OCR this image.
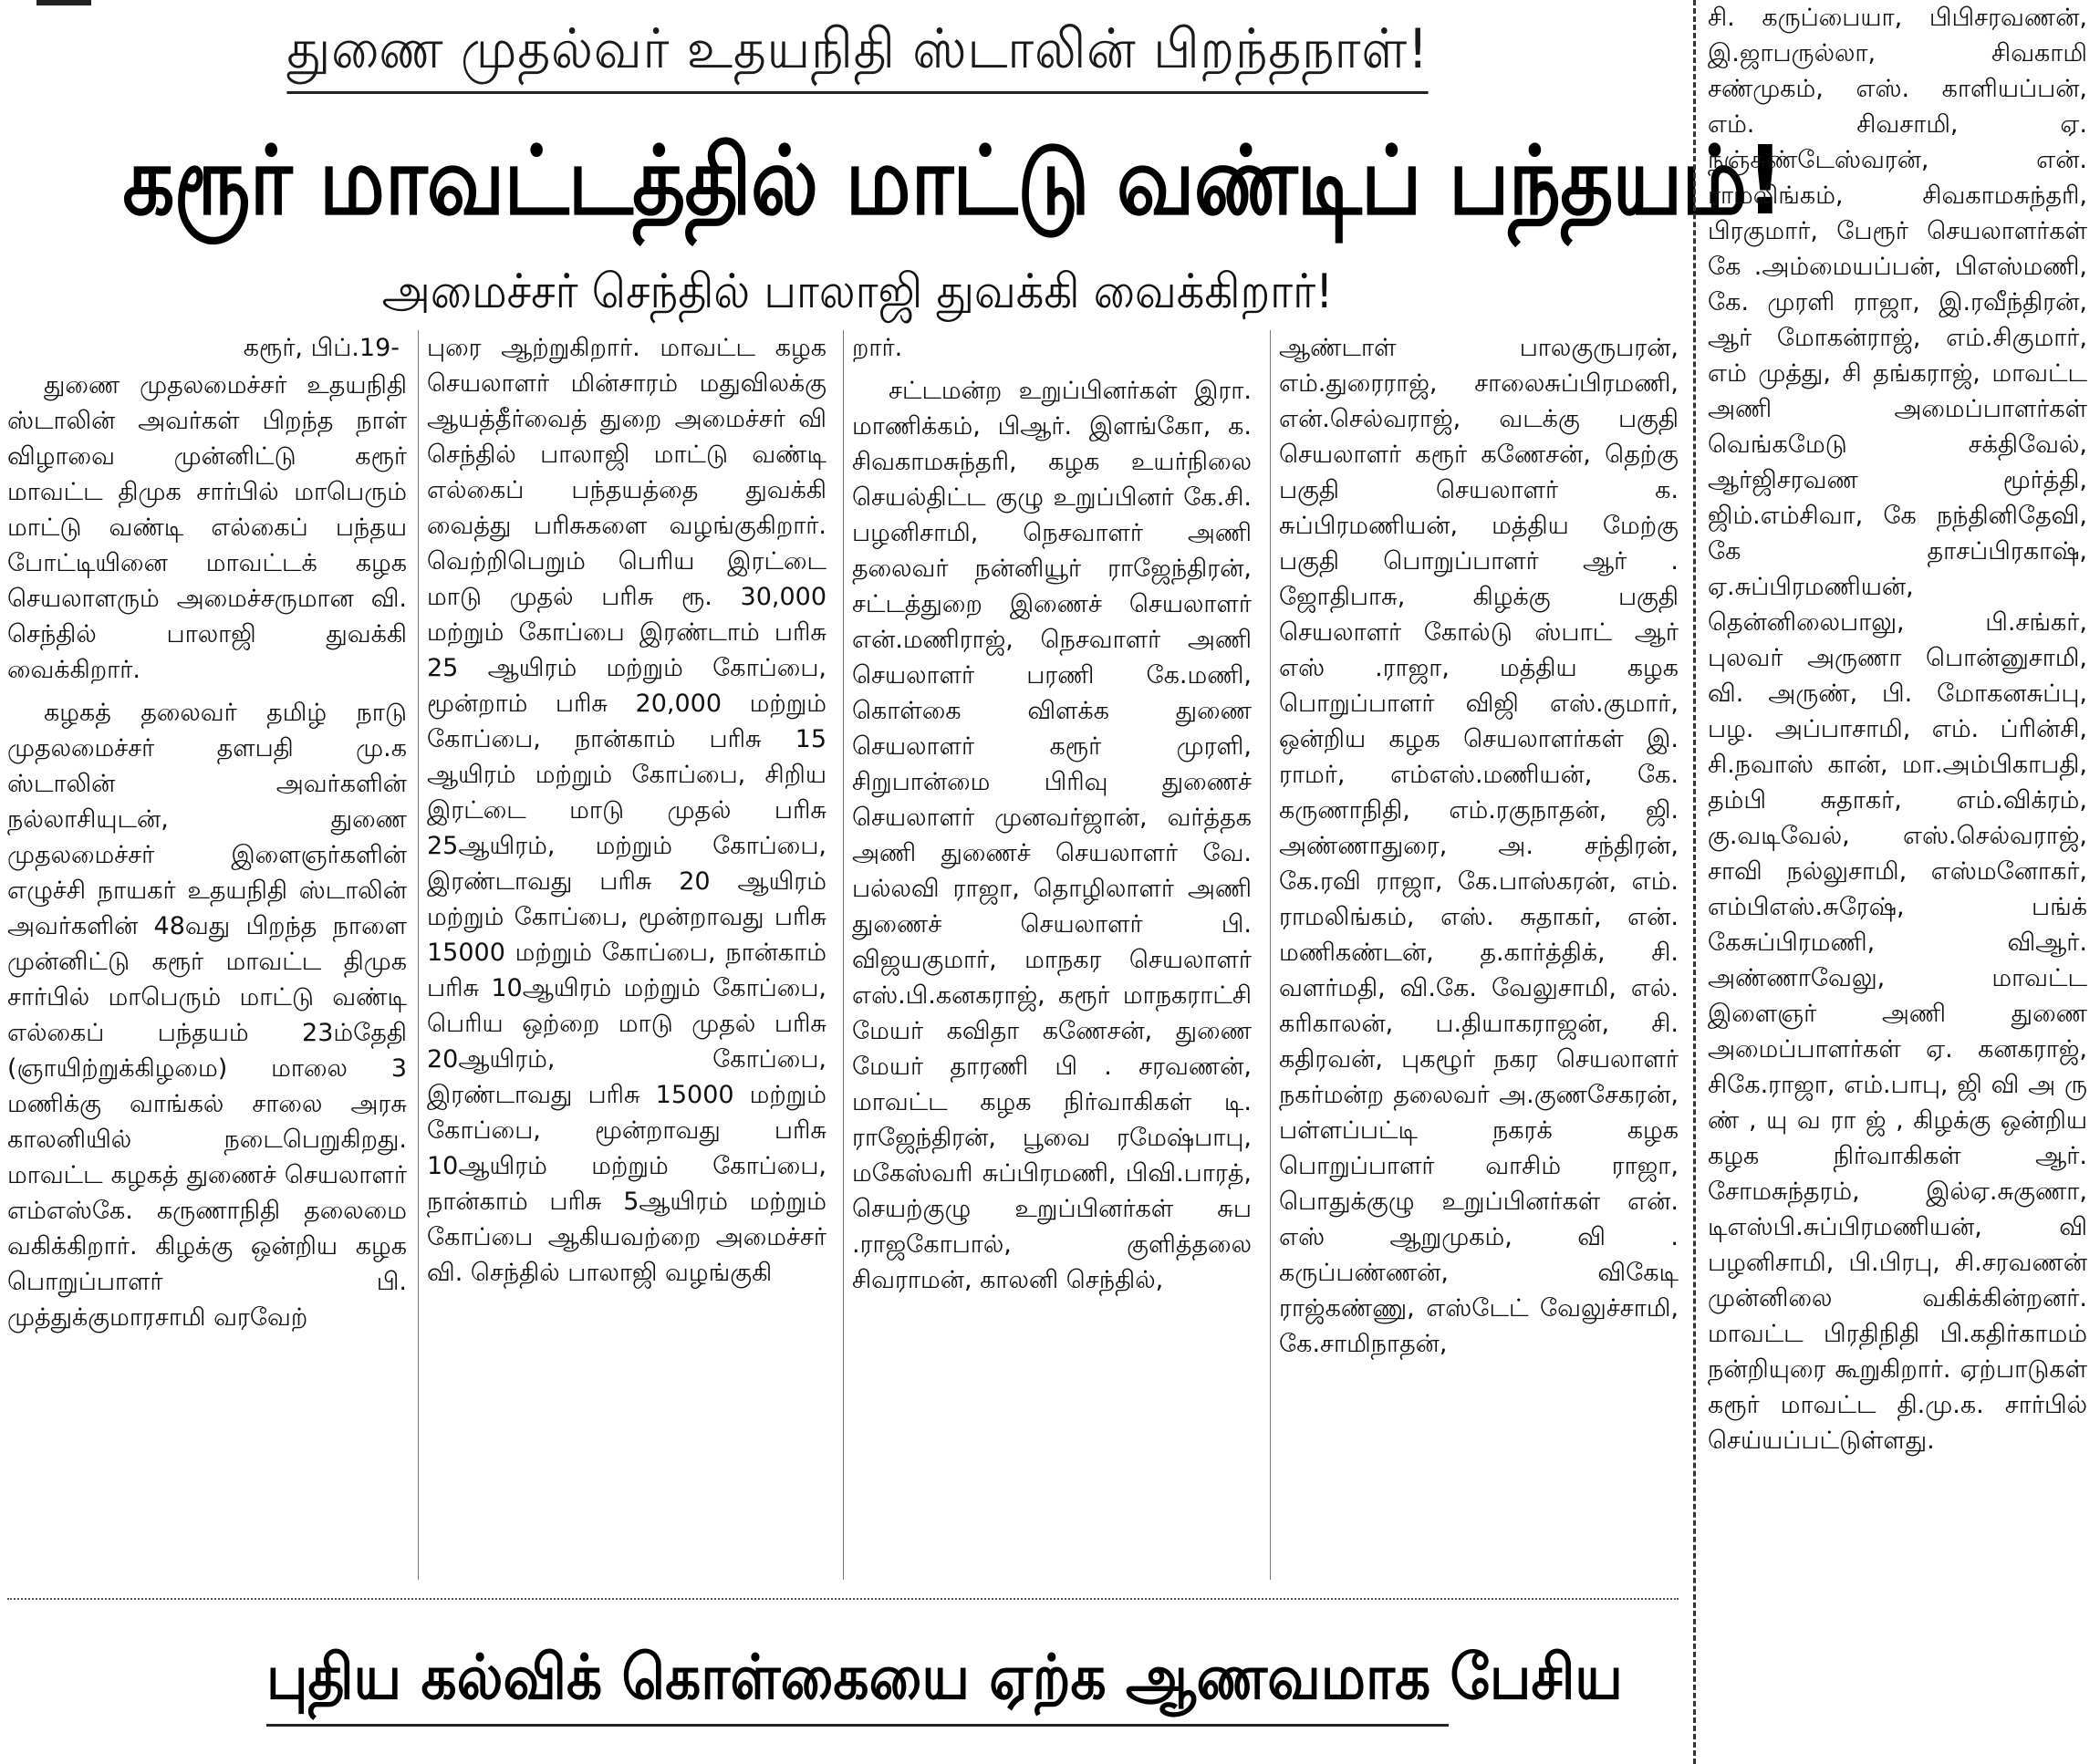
துணை முதல்வர் உதயநிதி ஸ்டாலின் பிறந்தநாள்!
கரூர் மாவட்டத்தில் மாட்டு வண்டிப் பந்தயம்!
அமைச்சர் செந்தில் பாலாஜி துவக்கி வைக்கிறார்!
கரூர், பிப்.19-

துணை முதலமைச்சர் உதயநிதி ஸ்டாலின் அவர்கள் பிறந்த நாள் விழாவை முன்னிட்டு கரூர் மாவட்ட திமுக சார்பில் மாபெரும் மாட்டு வண்டி எல்கைப் பந்தய போட்டியினை மாவட்டக் கழக செயலாளரும் அமைச்சருமான வி. செந்தில் பாலாஜி துவக்கி வைக்கிறார்.

கழகத் தலைவர் தமிழ் நாடு முதலமைச்சர் தளபதி மு.க ஸ்டாலின் அவர்களின் நல்லாசியுடன், துணை முதலமைச்சர் இளைஞர்களின் எழுச்சி நாயகர் உதயநிதி ஸ்டாலின் அவர்களின் 48வது பிறந்த நாளை முன்னிட்டு கரூர் மாவட்ட திமுக சார்பில் மாபெரும் மாட்டு வண்டி எல்கைப் பந்தயம் 23ம்தேதி (ஞாயிற்றுக்கிழமை) மாலை 3 மணிக்கு வாங்கல் சாலை அரசு காலனியில் நடைபெறுகிறது. மாவட்ட கழகத் துணைச் செயலாளர் எம்எஸ்கே. கருணாநிதி தலைமை வகிக்கிறார். கிழக்கு ஒன்றிய கழக பொறுப்பாளர் பி. முத்துக்குமாரசாமி வரவேற்

புரை ஆற்றுகிறார். மாவட்ட கழக செயலாளர் மின்சாரம் மதுவிலக்கு ஆயத்தீர்வைத் துறை அமைச்சர் வி செந்தில் பாலாஜி மாட்டு வண்டி எல்கைப் பந்தயத்தை துவக்கி வைத்து பரிசுகளை வழங்குகிறார். வெற்றிபெறும் பெரிய இரட்டை மாடு முதல் பரிசு ரூ. 30,000 மற்றும் கோப்பை இரண்டாம் பரிசு 25 ஆயிரம் மற்றும் கோப்பை, மூன்றாம் பரிசு 20,000 மற்றும் கோப்பை, நான்காம் பரிசு 15 ஆயிரம் மற்றும் கோப்பை, சிறிய இரட்டை மாடு முதல் பரிசு 25ஆயிரம், மற்றும் கோப்பை, இரண்டாவது பரிசு 20 ஆயிரம் மற்றும் கோப்பை, மூன்றாவது பரிசு 15000 மற்றும் கோப்பை, நான்காம் பரிசு 10ஆயிரம் மற்றும் கோப்பை, பெரிய ஒற்றை மாடு முதல் பரிசு 20ஆயிரம், கோப்பை, இரண்டாவது பரிசு 15000 மற்றும் கோப்பை, மூன்றாவது பரிசு 10ஆயிரம் மற்றும் கோப்பை, நான்காம் பரிசு 5ஆயிரம் மற்றும் கோப்பை ஆகியவற்றை அமைச்சர் வி. செந்தில் பாலாஜி வழங்குகி

றார்.

சட்டமன்ற உறுப்பினர்கள் இரா. மாணிக்கம், பிஆர். இளங்கோ, க. சிவகாமசுந்தரி, கழக உயர்நிலை செயல்திட்ட குழு உறுப்பினர் கே.சி. பழனிசாமி, நெசவாளர் அணி தலைவர் நன்னியூர் ராஜேந்திரன், சட்டத்துறை இணைச் செயலாளர் என்.மணிராஜ், நெசவாளர் அணி செயலாளர் பரணி கே.மணி, கொள்கை விளக்க துணை செயலாளர் கரூர் முரளி, சிறுபான்மை பிரிவு துணைச் செயலாளர் முனவர்ஜான், வர்த்தக அணி துணைச் செயலாளர் வே. பல்லவி ராஜா, தொழிலாளர் அணி துணைச் செயலாளர் பி. விஜயகுமார், மாநகர செயலாளர் எஸ்.பி.கனகராஜ், கரூர் மாநகராட்சி மேயர் கவிதா கணேசன், துணை மேயர் தாரணி பி . சரவணன், மாவட்ட கழக நிர்வாகிகள் டி. ராஜேந்திரன், பூவை ரமேஷ்பாபு, மகேஸ்வரி சுப்பிரமணி, பிவி.பாரத், செயற்குழு உறுப்பினர்கள் சுப .ராஜகோபால், குளித்தலை சிவராமன், காலனி செந்தில்,

ஆண்டாள் பாலகுருபரன், எம்.துரைராஜ், சாலைசுப்பிரமணி, என்.செல்வராஜ், வடக்கு பகுதி செயலாளர் கரூர் கணேசன், தெற்கு பகுதி செயலாளர் க. சுப்பிரமணியன், மத்திய மேற்கு பகுதி பொறுப்பாளர் ஆர் . ஜோதிபாசு, கிழக்கு பகுதி செயலாளர் கோல்டு ஸ்பாட் ஆர் எஸ் .ராஜா, மத்திய கழக பொறுப்பாளர் விஜி எஸ்.குமார், ஒன்றிய கழக செயலாளர்கள் இ. ராமர், எம்எஸ்.மணியன், கே. கருணாநிதி, எம்.ரகுநாதன், ஜி. அண்ணாதுரை, அ. சந்திரன், கே.ரவி ராஜா, கே.பாஸ்கரன், எம். ராமலிங்கம், எஸ். சுதாகர், என். மணிகண்டன், த.கார்த்திக், சி. வளர்மதி, வி.கே. வேலுசாமி, எல். கரிகாலன், ப.தியாகராஜன், சி. கதிரவன், புகழூர் நகர செயலாளர் நகர்மன்ற தலைவர் அ.குணசேகரன், பள்ளப்பட்டி நகரக் கழக பொறுப்பாளர் வாசிம் ராஜா, பொதுக்குழு உறுப்பினர்கள் என். எஸ் ஆறுமுகம், வி . கருப்பண்ணன், விகேடி ராஜ்கண்ணு, எஸ்டேட் வேலுச்சாமி, கே.சாமிநாதன்,

சி. கருப்பையா, பிபிசரவணன், இ.ஜாபருல்லா, சிவகாமி சண்முகம், எஸ். காளியப்பன், எம். சிவசாமி, ஏ. நஞ்சுண்டேஸ்வரன், என். ராமலிங்கம், சிவகாமசுந்தரி, பிரகுமார், பேரூர் செயலாளர்கள் கே .அம்மையப்பன், பிஎஸ்மணி, கே. முரளி ராஜா, இ.ரவீந்திரன், ஆர் மோகன்ராஜ், எம்.சிகுமார், எம் முத்து, சி தங்கராஜ், மாவட்ட அணி அமைப்பாளர்கள் வெங்கமேடு சக்திவேல், ஆர்ஜிசரவண மூர்த்தி, ஜிம்.எம்சிவா, கே நந்தினிதேவி, கே தாசப்பிரகாஷ், ஏ.சுப்பிரமணியன், தென்னிலைபாலு, பி.சங்கர், புலவர் அருணா பொன்னுசாமி, வி. அருண், பி. மோகனசுப்பு, பழ. அப்பாசாமி, எம். ப்ரின்சி, சி.நவாஸ் கான், மா.அம்பிகாபதி, தம்பி சுதாகர், எம்.விக்ரம், கு.வடிவேல், எஸ்.செல்வராஜ், சாவி நல்லுசாமி, எஸ்மனோகர், எம்பிஎஸ்.சுரேஷ், பங்க் கேசுப்பிரமணி, விஆர். அண்ணாவேலு, மாவட்ட இளைஞர் அணி துணை அமைப்பாளர்கள் ஏ. கனகராஜ், சிகே.ராஜா, எம்.பாபு, ஜி வி அ ரு ண் , யு வ ரா ஜ் , கிழக்கு ஒன்றிய கழக நிர்வாகிகள் ஆர். சோமசுந்தரம், இல்ஏ.சுகுணா, டிஎஸ்பி.சுப்பிரமணியன், வி பழனிசாமி, பி.பிரபு, சி.சரவணன் முன்னிலை வகிக்கின்றனர். மாவட்ட பிரதிநிதி பி.கதிர்காமம் நன்றியுரை கூறுகிறார். ஏற்பாடுகள் கரூர் மாவட்ட தி.மு.க. சார்பில் செய்யப்பட்டுள்ளது.

புதிய கல்விக் கொள்கையை ஏற்க ஆணவமாக பேசிய
